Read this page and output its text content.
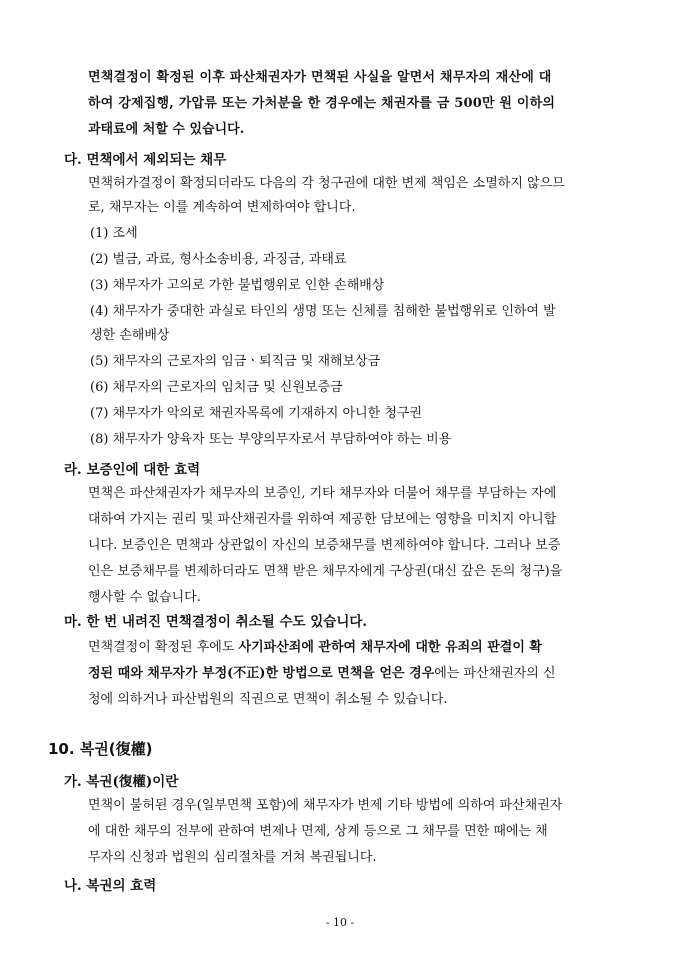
면책결정이 확정된 이후 파산채권자가 면책된 사실을 알면서 채무자의 재산에 대
하여 강제집행, 가압류 또는 가처분을 한 경우에는 채권자를 금 500만 원 이하의
과태료에 처할 수 있습니다.
다. 면책에서 제외되는 채무
면책허가결정이 확정되더라도 다음의 각 청구권에 대한 변제 책임은 소멸하지 않으므
로, 채무자는 이를 계속하여 변제하여야 합니다.
(1) 조세
(2) 벌금, 과료, 형사소송비용, 과징금, 과태료
(3) 채무자가 고의로 가한 불법행위로 인한 손해배상
(4) 채무자가 중대한 과실로 타인의 생명 또는 신체를 침해한 불법행위로 인하여 발
생한 손해배상
(5) 채무자의 근로자의 임금ㆍ퇴직금 및 재해보상금
(6) 채무자의 근로자의 임치금 및 신원보증금
(7) 채무자가 악의로 채권자목록에 기재하지 아니한 청구권
(8) 채무자가 양육자 또는 부양의무자로서 부담하여야 하는 비용
라. 보증인에 대한 효력
면책은 파산채권자가 채무자의 보증인, 기타 채무자와 더불어 채무를 부담하는 자에
대하여 가지는 권리 및 파산채권자를 위하여 제공한 담보에는 영향을 미치지 아니합
니다. 보증인은 면책과 상관없이 자신의 보증채무를 변제하여야 합니다. 그러나 보증
인은 보증채무를 변제하더라도 면책 받은 채무자에게 구상권(대신 갚은 돈의 청구)을
행사할 수 없습니다.
마. 한 번 내려진 면책결정이 취소될 수도 있습니다.
면책결정이 확정된 후에도 사기파산죄에 관하여 채무자에 대한 유죄의 판결이 확
정된 때와 채무자가 부정(不正)한 방법으로 면책을 얻은 경우에는 파산채권자의 신
청에 의하거나 파산법원의 직권으로 면책이 취소될 수 있습니다.
10. 복권(復權)
가. 복권(復權)이란
면책이 불허된 경우(일부면책 포함)에 채무자가 변제 기타 방법에 의하여 파산채권자
에 대한 채무의 전부에 관하여 변제나 면제, 상계 등으로 그 채무를 면한 때에는 채
무자의 신청과 법원의 심리절차를 거쳐 복권됩니다.
나. 복권의 효력
- 10 -
